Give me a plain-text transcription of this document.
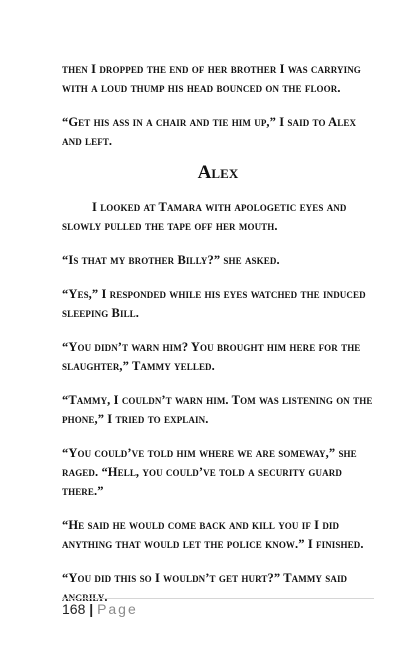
then I dropped the end of her brother I was carrying with a loud thump his head bounced on the floor.

“Get his ass in a chair and tie him up,” I said to Alex and left.

Alex

I looked at Tamara with apologetic eyes and slowly pulled the tape off her mouth.

“Is that my brother Billy?” she asked.

“Yes,” I responded while his eyes watched the induced sleeping Bill.

“You didn’t warn him? You brought him here for the slaughter,” Tammy yelled.

“Tammy, I couldn’t warn him. Tom was listening on the phone,” I tried to explain.

“You could’ve told him where we are someway,” she raged. “Hell, you could’ve told a security guard there.”

“He said he would come back and kill you if I did anything that would let the police know.” I finished.

“You did this so I wouldn’t get hurt?” Tammy said angrily.

168 | Page
